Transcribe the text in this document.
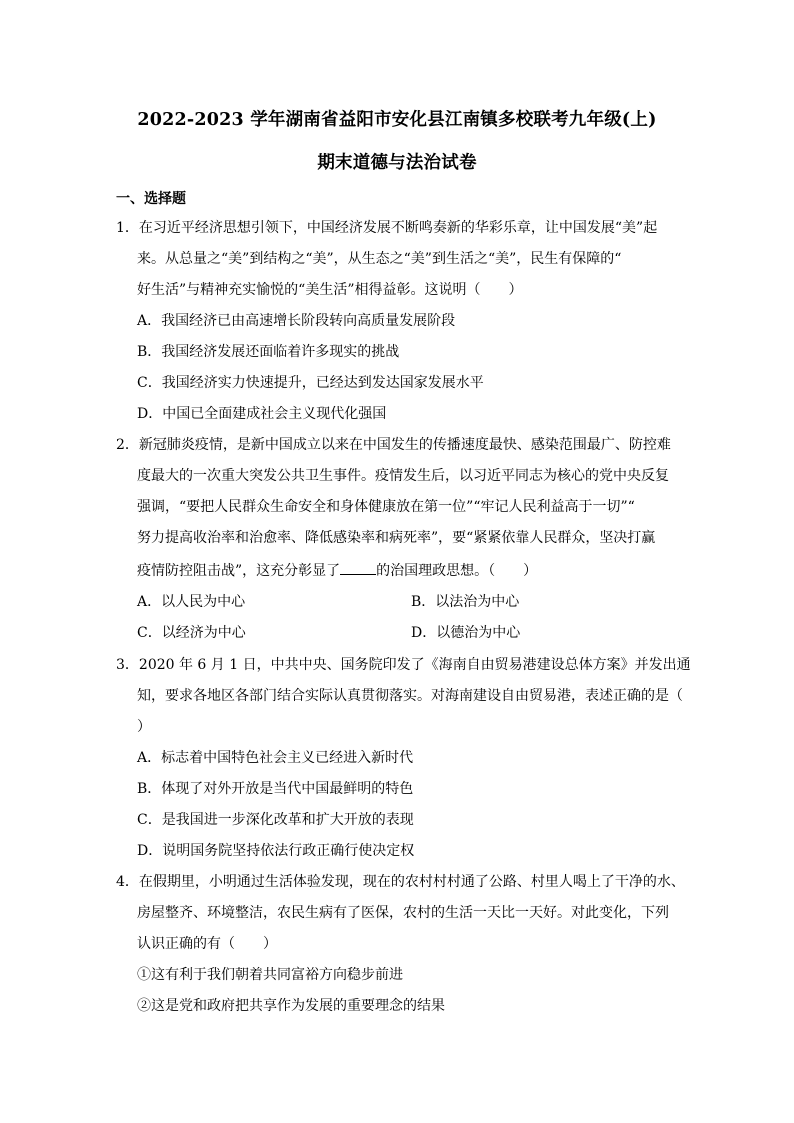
2022-2023 学年湖南省益阳市安化县江南镇多校联考九年级(上)
期末道德与法治试卷
一、选择题
1．在习近平经济思想引领下，中国经济发展不断鸣奏新的华彩乐章，让中国发展“美”起
来。从总量之“美”到结构之“美”，从生态之“美”到生活之“美”，民生有保障的“
好生活”与精神充实愉悦的“美生活”相得益彰。这说明（　　）
A．我国经济已由高速增长阶段转向高质量发展阶段
B．我国经济发展还面临着许多现实的挑战
C．我国经济实力快速提升，已经达到发达国家发展水平
D．中国已全面建成社会主义现代化强国
2．新冠肺炎疫情，是新中国成立以来在中国发生的传播速度最快、感染范围最广、防控难
度最大的一次重大突发公共卫生事件。疫情发生后，以习近平同志为核心的党中央反复
强调，“要把人民群众生命安全和身体健康放在第一位”“牢记人民利益高于一切”“
努力提高收治率和治愈率、降低感染率和病死率”，要“紧紧依靠人民群众，坚决打赢
疫情防控阻击战”，这充分彰显了	的治国理政思想。（　　）
A．以人民为中心	B．以法治为中心
C．以经济为中心	D．以德治为中心
3．2020 年 6 月 1 日，中共中央、国务院印发了《海南自由贸易港建设总体方案》并发出通
知，要求各地区各部门结合实际认真贯彻落实。对海南建设自由贸易港，表述正确的是（
）
A．标志着中国特色社会主义已经进入新时代
B．体现了对外开放是当代中国最鲜明的特色
C．是我国进一步深化改革和扩大开放的表现
D．说明国务院坚持依法行政正确行使决定权
4．在假期里，小明通过生活体验发现，现在的农村村村通了公路、村里人喝上了干净的水、
房屋整齐、环境整洁，农民生病有了医保，农村的生活一天比一天好。对此变化，下列
认识正确的有（　　）
①这有利于我们朝着共同富裕方向稳步前进
②这是党和政府把共享作为发展的重要理念的结果
